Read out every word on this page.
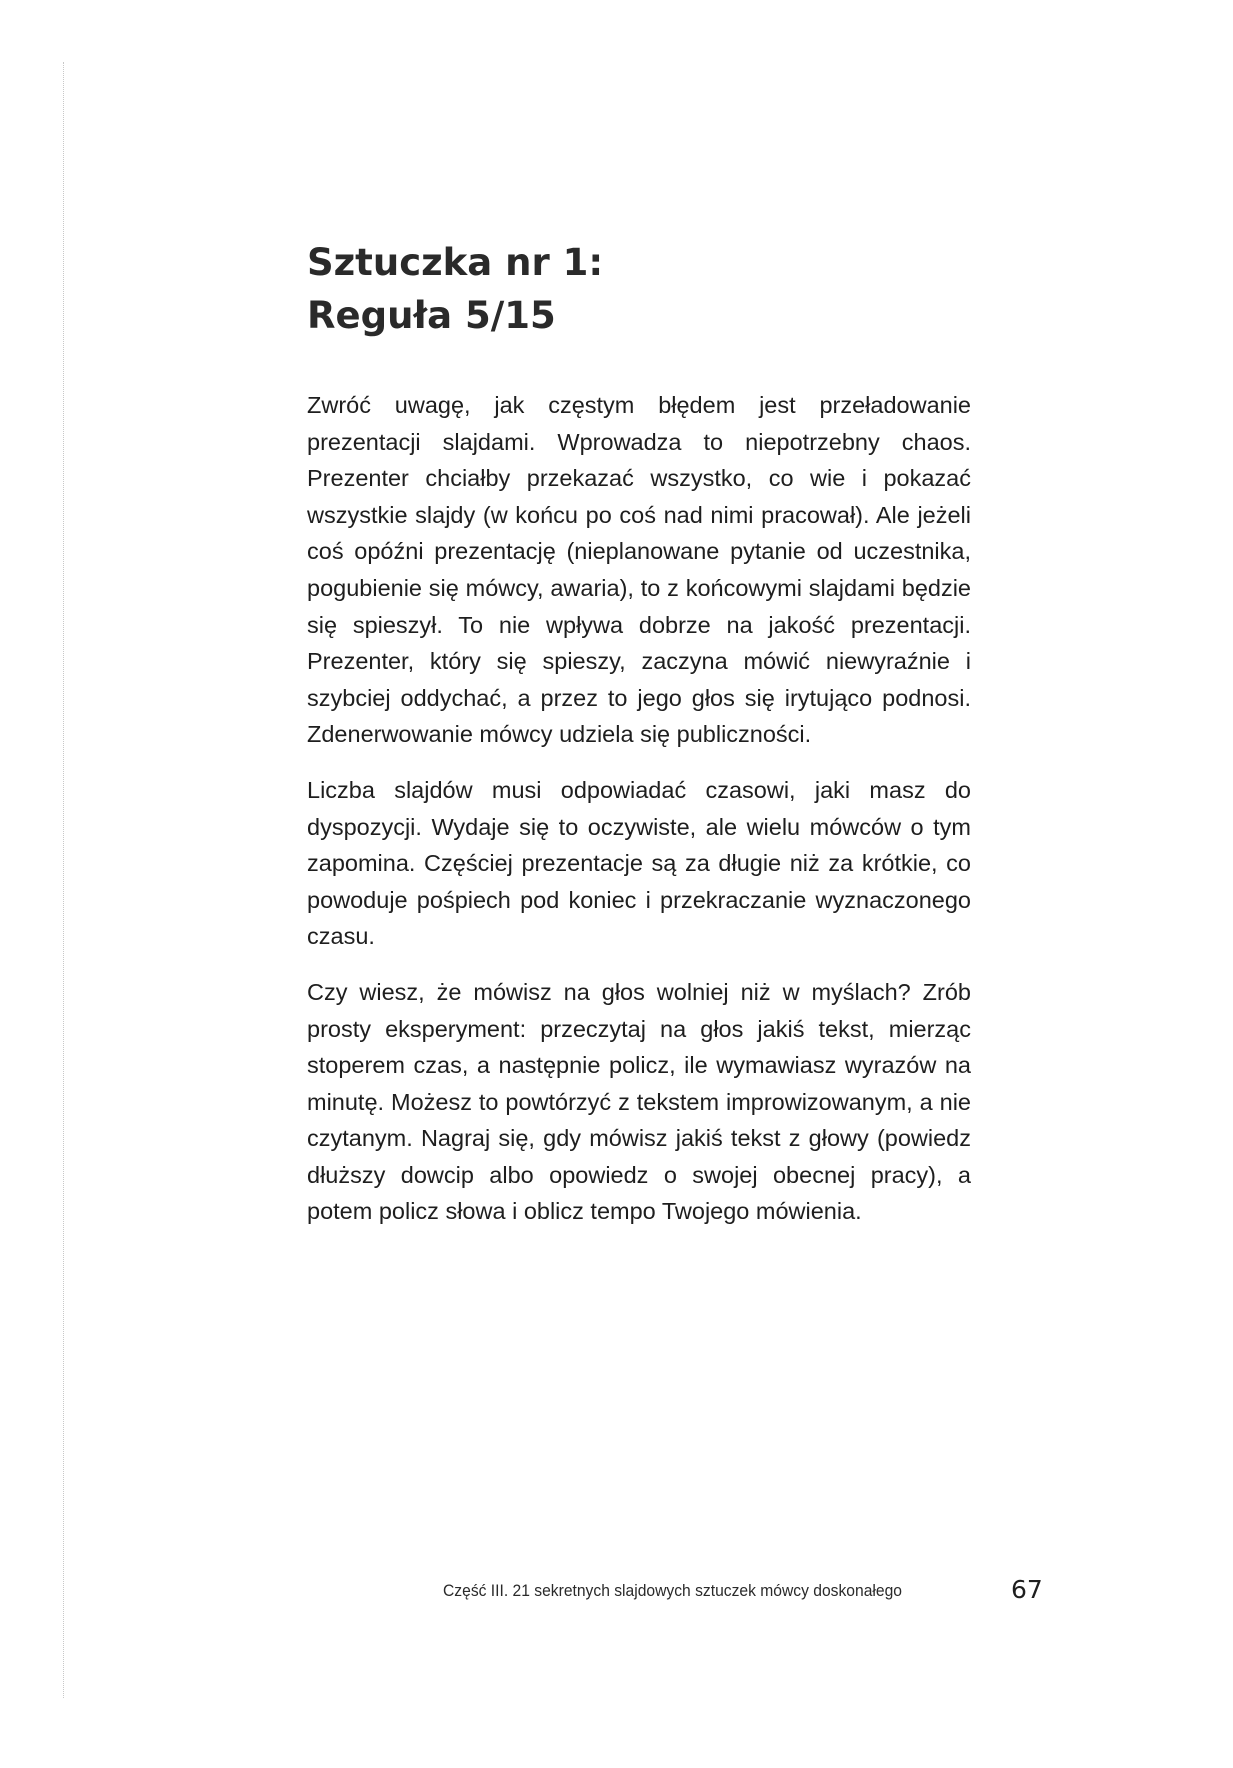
Sztuczka nr 1:
Reguła 5/15

Zwróć uwagę, jak częstym błędem jest przeładowanie prezentacji slajdami. Wprowadza to niepotrzebny chaos. Prezenter chciałby przekazać wszystko, co wie i pokazać wszystkie slajdy (w końcu po coś nad nimi pracował). Ale jeżeli coś opóźni prezentację (nieplanowane pytanie od uczestnika, pogubienie się mówcy, awaria), to z końcowymi slajdami będzie się spieszył. To nie wpływa dobrze na jakość prezentacji. Prezenter, który się spieszy, zaczyna mówić niewyraźnie i szybciej oddychać, a przez to jego głos się irytująco podnosi. Zdenerwowanie mówcy udziela się publiczności.

Liczba slajdów musi odpowiadać czasowi, jaki masz do dyspozycji. Wydaje się to oczywiste, ale wielu mówców o tym zapomina. Częściej prezentacje są za długie niż za krótkie, co powoduje pośpiech pod koniec i przekraczanie wyznaczonego czasu.

Czy wiesz, że mówisz na głos wolniej niż w myślach? Zrób prosty eksperyment: przeczytaj na głos jakiś tekst, mierząc stoperem czas, a następnie policz, ile wymawiasz wyrazów na minutę. Możesz to powtórzyć z tekstem improwizowanym, a nie czytanym. Nagraj się, gdy mówisz jakiś tekst z głowy (powiedz dłuższy dowcip albo opowiedz o swojej obecnej pracy), a potem policz słowa i oblicz tempo Twojego mówienia.

Część III. 21 sekretnych slajdowych sztuczek mówcy doskonałego	67
